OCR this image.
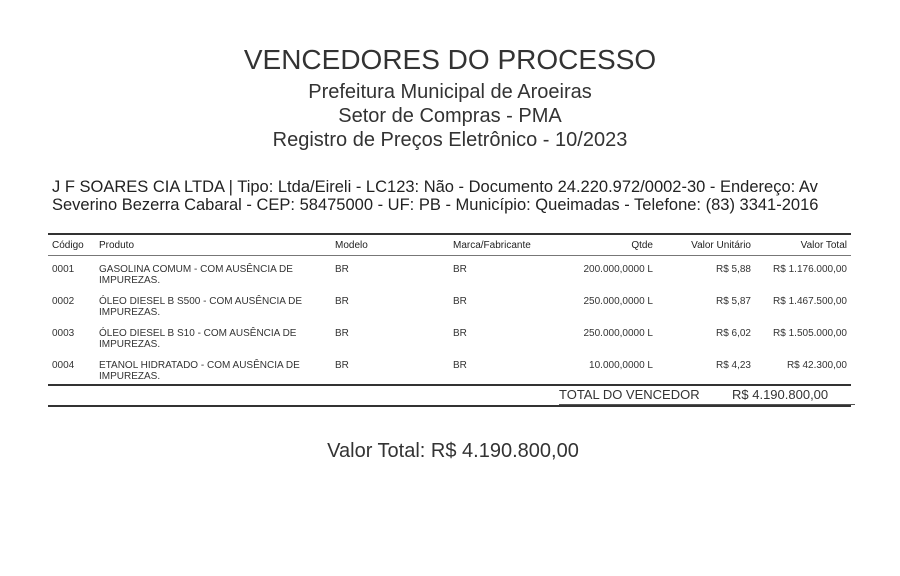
VENCEDORES DO PROCESSO
Prefeitura Municipal de Aroeiras
Setor de Compras - PMA
Registro de Preços Eletrônico - 10/2023
J F SOARES CIA LTDA | Tipo: Ltda/Eireli - LC123: Não - Documento 24.220.972/0002-30 - Endereço: Av Severino Bezerra Cabaral - CEP: 58475000 - UF: PB - Município: Queimadas - Telefone: (83) 3341-2016
Código	Produto	Modelo	Marca/Fabricante	Qtde	Valor Unitário	Valor Total
0001	GASOLINA COMUM - COM AUSÊNCIA DE IMPUREZAS.	BR	BR	200.000,0000 L	R$ 5,88	R$ 1.176.000,00
0002	ÓLEO DIESEL B S500 - COM AUSÊNCIA DE IMPUREZAS.	BR	BR	250.000,0000 L	R$ 5,87	R$ 1.467.500,00
0003	ÓLEO DIESEL B S10 - COM AUSÊNCIA DE IMPUREZAS.	BR	BR	250.000,0000 L	R$ 6,02	R$ 1.505.000,00
0004	ETANOL HIDRATADO - COM AUSÊNCIA DE IMPUREZAS.	BR	BR	10.000,0000 L	R$ 4,23	R$ 42.300,00
TOTAL DO VENCEDOR R$ 4.190.800,00
Valor Total: R$ 4.190.800,00
